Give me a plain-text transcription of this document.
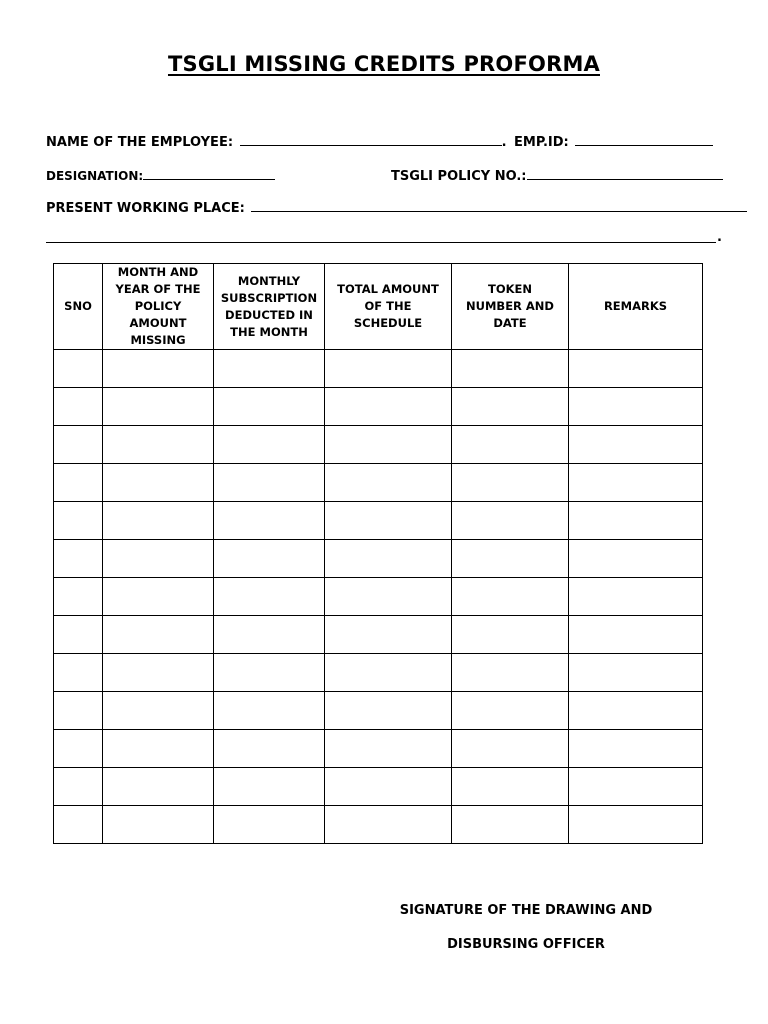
TSGLI MISSING CREDITS PROFORMA
NAME OF THE EMPLOYEE:	. EMP.ID:
DESIGNATION:	TSGLI POLICY NO.:
PRESENT WORKING PLACE:
.
SNO	MONTH AND YEAR OF THE POLICY AMOUNT MISSING	MONTHLY SUBSCRIPTION DEDUCTED IN THE MONTH	TOTAL AMOUNT OF THE SCHEDULE	TOKEN NUMBER AND DATE	REMARKS

SIGNATURE OF THE DRAWING AND
DISBURSING OFFICER
